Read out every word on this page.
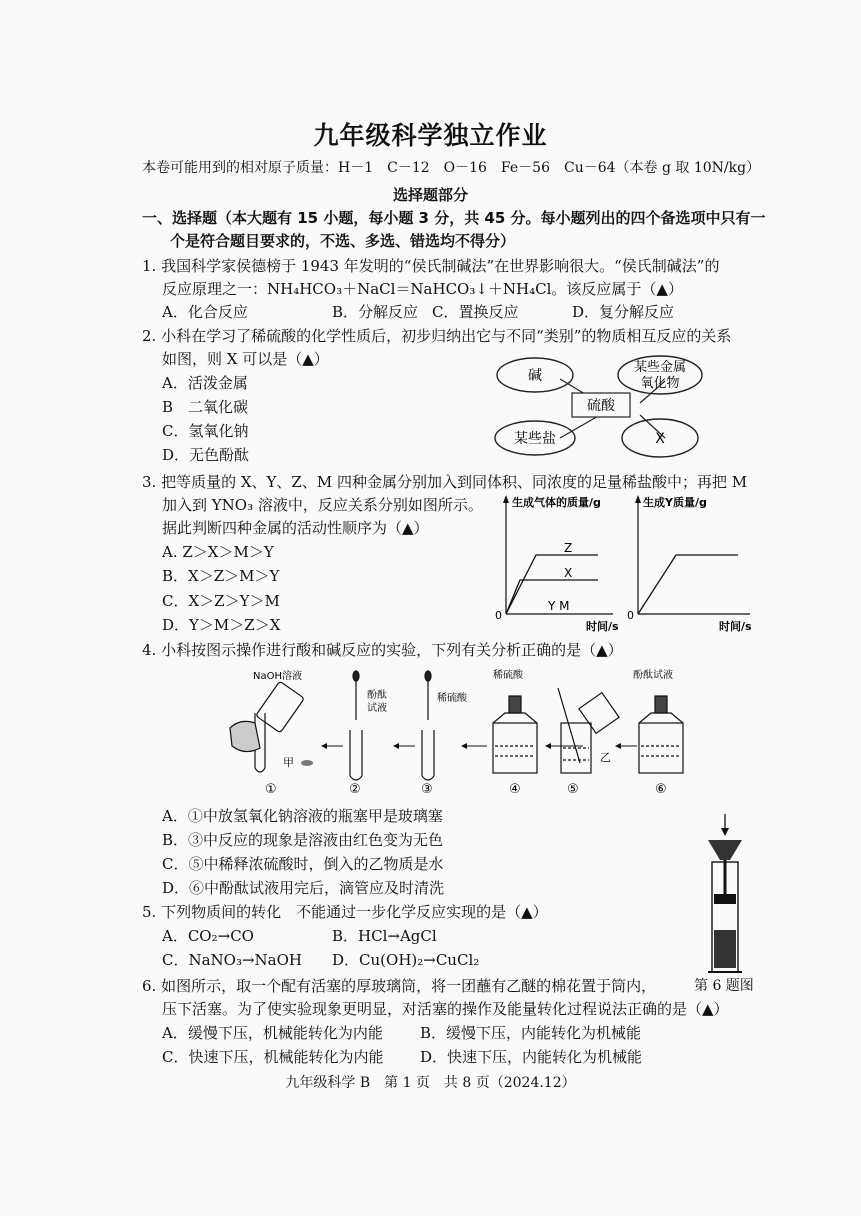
九年级科学独立作业
本卷可能用到的相对原子质量：H－1　C－12　O－16　Fe－56　Cu－64（本卷 g 取 10N/kg）
选择题部分
一、选择题（本大题有 15 小题，每小题 3 分，共 45 分。每小题列出的四个备选项中只有一
个是符合题目要求的，不选、多选、错选均不得分）
1. 我国科学家侯德榜于 1943 年发明的“侯氏制碱法”在世界影响很大。“侯氏制碱法”的
反应原理之一：NH₄HCO₃＋NaCl＝NaHCO₃↓＋NH₄Cl。该反应属于（▲）
A．化合反应	B．分解反应 C．置换反应	D．复分解反应
2. 小科在学习了稀硫酸的化学性质后，初步归纳出它与不同“类别”的物质相互反应的关系
如图，则 X 可以是（▲）
A．活泼金属
B　二氧化碳
C．氢氧化钠
D．无色酚酞
碱
某些金属
氧化物
硫酸
某些盐	X
3. 把等质量的 X、Y、Z、M 四种金属分别加入到同体积、同浓度的足量稀盐酸中；再把 M
加入到 YNO₃ 溶液中，反应关系分别如图所示。
据此判断四种金属的活动性顺序为（▲）
A. Z＞X＞M＞Y
B．X＞Z＞M＞Y
C．X＞Z＞Y＞M
D．Y＞M＞Z＞X
生成气体的质量/g
0
Z
X
Y M
时间/s
生成Y质量/g
0
时间/s
4. 小科按图示操作进行酸和碱反应的实验，下列有关分析正确的是（▲）
NaOH溶液
甲
①
酚酞
试液
②
稀硫酸
③
稀硫酸
④
乙
⑤
酚酞试液
⑥
A．①中放氢氧化钠溶液的瓶塞甲是玻璃塞
B．③中反应的现象是溶液由红色变为无色
C．⑤中稀释浓硫酸时，倒入的乙物质是水
D．⑥中酚酞试液用完后，滴管应及时清洗
5. 下列物质间的转化　不能通过一步化学反应实现的是（▲）
A．CO₂→CO	B．HCl→AgCl
C．NaNO₃→NaOH D．Cu(OH)₂→CuCl₂
6. 如图所示，取一个配有活塞的厚玻璃筒，将一团蘸有乙醚的棉花置于筒内，	第 6 题图
压下活塞。为了使实验现象更明显，对活塞的操作及能量转化过程说法正确的是（▲）
A．缓慢下压，机械能转化为内能 B．缓慢下压，内能转化为机械能
C．快速下压，机械能转化为内能 D．快速下压，内能转化为机械能
九年级科学 B　第 1 页　共 8 页（2024.12）
